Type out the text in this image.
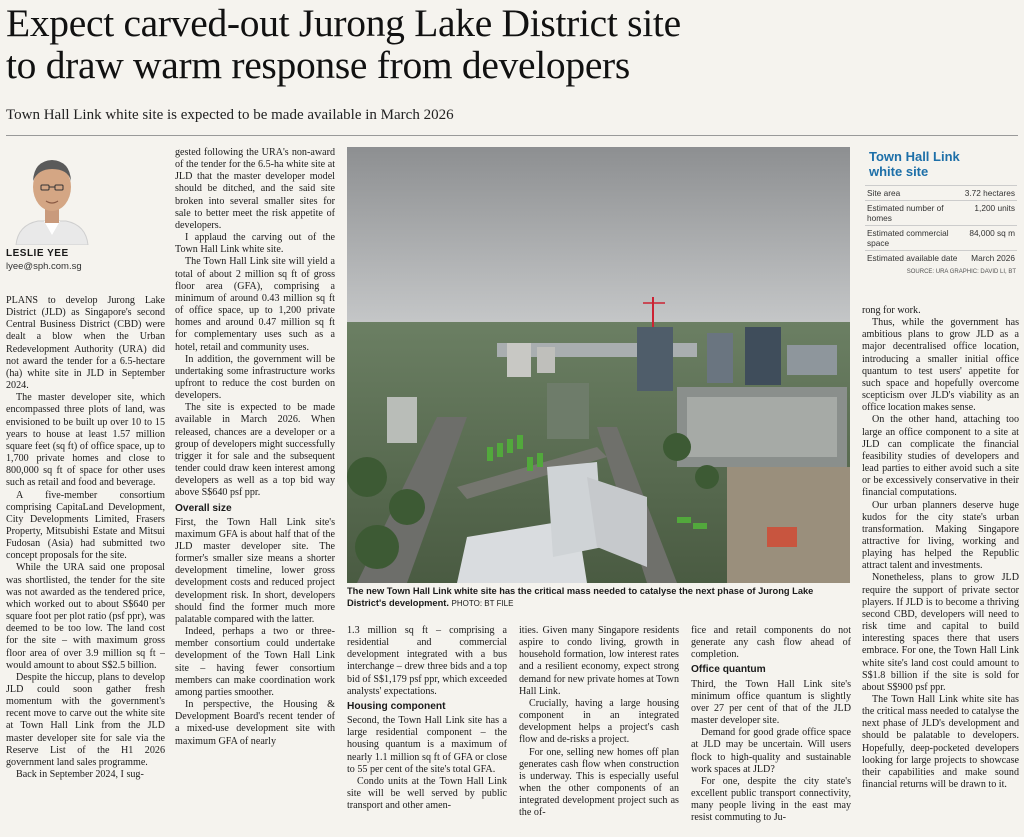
Expect carved-out Jurong Lake District site
to draw warm response from developers
Town Hall Link white site is expected to be made available in March 2026
LESLIE YEE
lyee@sph.com.sg

PLANS to develop Jurong Lake District (JLD) as Singapore's second Central Business District (CBD) were dealt a blow when the Urban Redevelopment Authority (URA) did not award the tender for a 6.5-hectare (ha) white site in JLD in September 2024.

The master developer site, which encompassed three plots of land, was envisioned to be built up over 10 to 15 years to house at least 1.57 million square feet (sq ft) of office space, up to 1,700 private homes and close to 800,000 sq ft of space for other uses such as retail and food and beverage.

A five-member consortium comprising CapitaLand Development, City Developments Limited, Frasers Property, Mitsubishi Estate and Mitsui Fudosan (Asia) had submitted two concept proposals for the site.

While the URA said one proposal was shortlisted, the tender for the site was not awarded as the tendered price, which worked out to about S$640 per square foot per plot ratio (psf ppr), was deemed to be too low. The land cost for the site – with maximum gross floor area of over 3.9 million sq ft – would amount to about S$2.5 billion.

Despite the hiccup, plans to develop JLD could soon gather fresh momentum with the government's recent move to carve out the white site at Town Hall Link from the JLD master developer site for sale via the Reserve List of the H1 2026 government land sales programme.

Back in September 2024, I sug-

gested following the URA's non-award of the tender for the 6.5-ha white site at JLD that the master developer model should be ditched, and the said site broken into several smaller sites for sale to better meet the risk appetite of developers.

I applaud the carving out of the Town Hall Link white site.

The Town Hall Link site will yield a total of about 2 million sq ft of gross floor area (GFA), comprising a minimum of around 0.43 million sq ft of office space, up to 1,200 private homes and around 0.47 million sq ft for complementary uses such as a hotel, retail and community uses.

In addition, the government will be undertaking some infrastructure works upfront to reduce the cost burden on developers.

The site is expected to be made available in March 2026. When released, chances are a developer or a group of developers might successfully trigger it for sale and the subsequent tender could draw keen interest among developers as well as a top bid way above S$640 psf ppr.

Overall size

First, the Town Hall Link site's maximum GFA is about half that of the JLD master developer site. The former's smaller size means a shorter development timeline, lower gross development costs and reduced project development risk. In short, developers should find the former much more palatable compared with the latter.

Indeed, perhaps a two or three-member consortium could undertake development of the Town Hall Link site – having fewer consortium members can make coordination work among parties smoother.

In perspective, the Housing & Development Board's recent tender of a mixed-use development site with maximum GFA of nearly

The new Town Hall Link white site has the critical mass needed to catalyse the next phase of Jurong Lake District's development. PHOTO: BT FILE
Town Hall Link
white site
Site area	3.72 hectares
Estimated number of homes	1,200 units
Estimated commercial space	84,000 sq m
Estimated available date	March 2026
SOURCE: URA GRAPHIC: DAVID LI, BT

1.3 million sq ft – comprising a residential and commercial development integrated with a bus interchange – drew three bids and a top bid of S$1,179 psf ppr, which exceeded analysts' expectations.

Housing component

Second, the Town Hall Link site has a large residential component – the housing quantum is a maximum of nearly 1.1 million sq ft of GFA or close to 55 per cent of the site's total GFA.

Condo units at the Town Hall Link site will be well served by public transport and other amen-

ities. Given many Singapore residents aspire to condo living, growth in household formation, low interest rates and a resilient economy, expect strong demand for new private homes at Town Hall Link.

Crucially, having a large housing component in an integrated development helps a project's cash flow and de-risks a project.

For one, selling new homes off plan generates cash flow when construction is underway. This is especially useful when the other components of an integrated development project such as the of-

fice and retail components do not generate any cash flow ahead of completion.

Office quantum

Third, the Town Hall Link site's minimum office quantum is slightly over 27 per cent of that of the JLD master developer site.

Demand for good grade office space at JLD may be uncertain. Will users flock to high-quality and sustainable work spaces at JLD?

For one, despite the city state's excellent public transport connectivity, many people living in the east may resist commuting to Ju-

rong for work.

Thus, while the government has ambitious plans to grow JLD as a major decentralised office location, introducing a smaller initial office quantum to test users' appetite for such space and hopefully overcome scepticism over JLD's viability as an office location makes sense.

On the other hand, attaching too large an office component to a site at JLD can complicate the financial feasibility studies of developers and lead parties to either avoid such a site or be excessively conservative in their financial computations.

Our urban planners deserve huge kudos for the city state's urban transformation. Making Singapore attractive for living, working and playing has helped the Republic attract talent and investments.

Nonetheless, plans to grow JLD require the support of private sector players. If JLD is to become a thriving second CBD, developers will need to risk time and capital to build interesting spaces there that users embrace. For one, the Town Hall Link white site's land cost could amount to S$1.8 billion if the site is sold for about S$900 psf ppr.

The Town Hall Link white site has the critical mass needed to catalyse the next phase of JLD's development and should be palatable to developers. Hopefully, deep-pocketed developers looking for large projects to showcase their capabilities and make sound financial returns will be drawn to it.
